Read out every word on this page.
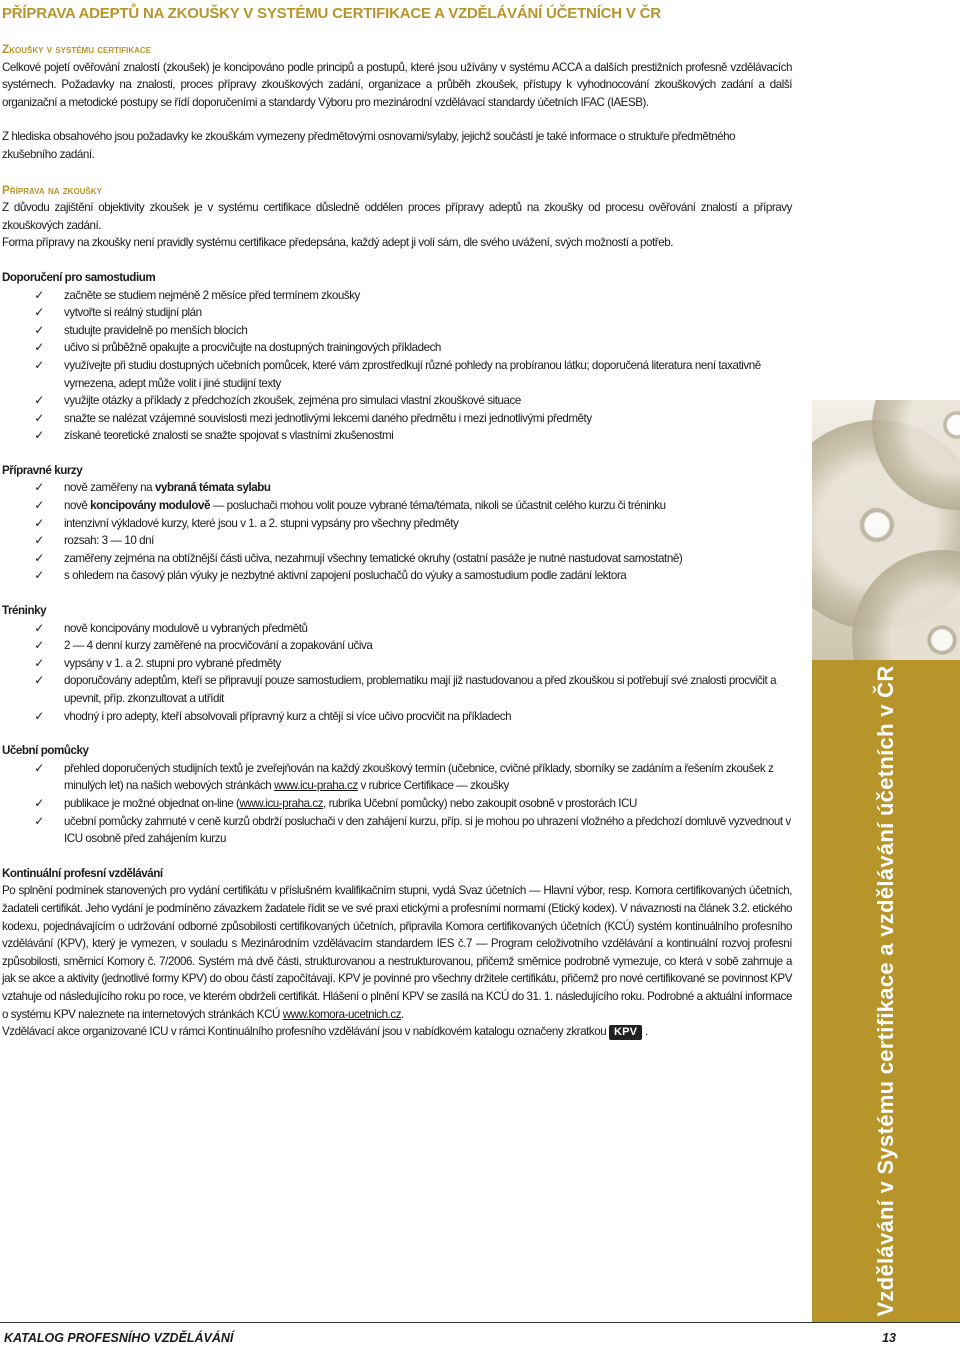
PŘÍPRAVA ADEPTŮ NA ZKOUŠKY V SYSTÉMU CERTIFIKACE A VZDĚLÁVÁNÍ ÚČETNÍCH V ČR

Zkoušky v systému certifikace

Celkové pojetí ověřování znalostí (zkoušek) je koncipováno podle principů a postupů, které jsou užívány v systému ACCA a dalších prestižních profesně vzdělávacích systémech. Požadavky na znalosti, proces přípravy zkouškových zadání, organizace a průběh zkoušek, přístupy k vyhodnocování zkouškových zadání a další organizační a metodické postupy se řídí doporučeními a standardy Výboru pro mezinárodní vzdělávací standardy účetních IFAC (IAESB).

Z hlediska obsahového jsou požadavky ke zkouškám vymezeny předmětovými osnovami/sylaby, jejichž součástí je také informace o struktuře předmětného zkušebního zadání.

Příprava na zkoušky

Z důvodu zajištění objektivity zkoušek je v systému certifikace důsledně oddělen proces přípravy adeptů na zkoušky od procesu ověřování znalostí a přípravy zkouškových zadání.

Forma přípravy na zkoušky není pravidly systému certifikace předepsána, každý adept ji volí sám, dle svého uvážení, svých možností a potřeb.

Doporučení pro samostudium

✓ začněte se studiem nejméně 2 měsíce před termínem zkoušky
✓ vytvořte si reálný studijní plán
✓ studujte pravidelně po menších blocích
✓ učivo si průběžně opakujte a procvičujte na dostupných trainingových příkladech
✓ využívejte při studiu dostupných učebních pomůcek, které vám zprostředkují různé pohledy na probíranou látku; doporučená literatura není taxativně vymezena, adept může volit i jiné studijní texty
✓ využijte otázky a příklady z předchozích zkoušek, zejména pro simulaci vlastní zkouškové situace
✓ snažte se nalézat vzájemné souvislosti mezi jednotlivými lekcemi daného předmětu i mezi jednotlivými předměty
✓ získané teoretické znalosti se snažte spojovat s vlastními zkušenostmi

Přípravné kurzy

✓ nově zaměřeny na vybraná témata sylabu
✓ nově koncipovány modulově — posluchači mohou volit pouze vybrané téma/témata, nikoli se účastnit celého kurzu či tréninku
✓ intenzivní výkladové kurzy, které jsou v 1. a 2. stupni vypsány pro všechny předměty
✓ rozsah: 3 — 10 dní
✓ zaměřeny zejména na obtížnější části učiva, nezahrnují všechny tematické okruhy (ostatní pasáže je nutné nastudovat samostatně)
✓ s ohledem na časový plán výuky je nezbytné aktivní zapojení posluchačů do výuky a samostudium podle zadání lektora

Tréninky

✓ nově koncipovány modulově u vybraných předmětů
✓ 2 — 4 denní kurzy zaměřené na procvičování a zopakování učiva
✓ vypsány v 1. a 2. stupni pro vybrané předměty
✓ doporučovány adeptům, kteří se připravují pouze samostudiem, problematiku mají již nastudovanou a před zkouškou si potřebují své znalosti procvičit a upevnit, příp. zkonzultovat a utřídit
✓ vhodný i pro adepty, kteří absolvovali přípravný kurz a chtějí si více učivo procvičit na příkladech

Učební pomůcky

✓ přehled doporučených studijních textů je zveřejňován na každý zkouškový termín (učebnice, cvičné příklady, sborníky se zadáním a řešením zkoušek z minulých let) na našich webových stránkách www.icu-praha.cz v rubrice Certifikace — zkoušky
✓ publikace je možné objednat on-line (www.icu-praha.cz, rubrika Učební pomůcky) nebo zakoupit osobně v prostorách ICU
✓ učební pomůcky zahrnuté v ceně kurzů obdrží posluchači v den zahájení kurzu, příp. si je mohou po uhrazení vložného a předchozí domluvě vyzvednout v ICU osobně před zahájením kurzu

Kontinuální profesní vzdělávání

Po splnění podmínek stanovených pro vydání certifikátu v příslušném kvalifikačním stupni, vydá Svaz účetních — Hlavní výbor, resp. Komora certifikovaných účetních, žadateli certifikát. Jeho vydání je podmíněno závazkem žadatele řídit se ve své praxi etickými a profesními normami (Etický kodex). V návaznosti na článek 3.2. etického kodexu, pojednávajícím o udržování odborné způsobilosti certifikovaných účetních, připravila Komora certifikovaných účetních (KCÚ) systém kontinuálního profesního vzdělávání (KPV), který je vymezen, v souladu s Mezinárodním vzdělávacím standardem IES č.7 — Program celoživotního vzdělávání a kontinuální rozvoj profesní způsobilosti, směrnicí Komory č. 7/2006. Systém má dvě části, strukturovanou a nestrukturovanou, přičemž směrnice podrobně vymezuje, co která v sobě zahrnuje a jak se akce a aktivity (jednotlivé formy KPV) do obou částí započítávají. KPV je povinné pro všechny držitele certifikátu, přičemž pro nové certifikované se povinnost KPV vztahuje od následujícího roku po roce, ve kterém obdrželi certifikát. Hlášení o plnění KPV se zasílá na KCÚ do 31. 1. následujícího roku. Podrobné a aktuální informace o systému KPV naleznete na internetových stránkách KCÚ www.komora-ucetnich.cz.

Vzdělávací akce organizované ICU v rámci Kontinuálního profesního vzdělávání jsou v nabídkovém katalogu označeny zkratkou KPV .	Vzdělávání v Systému certifikace a vzdělávání účetních v ČR
KATALOG PROFESNÍHO VZDĚLÁVÁNÍ	13
